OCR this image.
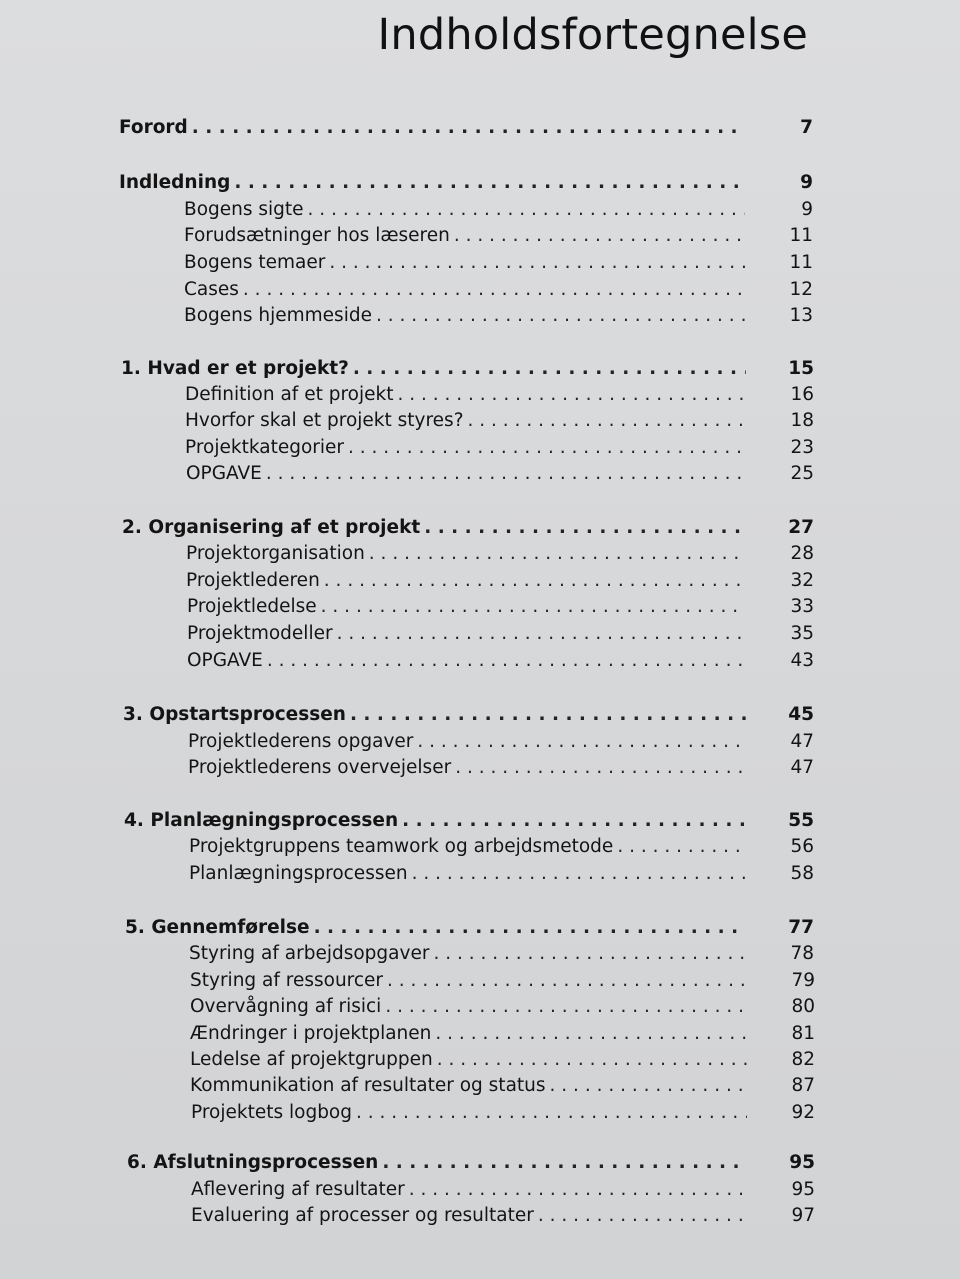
Indholdsfortegnelse
Forord . . .	7
Indledning . . .	9
Bogens sigte . . .	9
Forudsætninger hos læseren . . .	11
Bogens temaer . . .	11
Cases . . .	12
Bogens hjemmeside . . .	13
1. Hvad er et projekt? . . .	15
Definition af et projekt . . .	16
Hvorfor skal et projekt styres? . . .	18
Projektkategorier . . .	23
OPGAVE . . .	25
2. Organisering af et projekt . . .	27
Projektorganisation . . .	28
Projektlederen . . .	32
Projektledelse . . .	33
Projektmodeller . . .	35
OPGAVE . . .	43
3. Opstartsprocessen . . .	45
Projektlederens opgaver . . .	47
Projektlederens overvejelser . . .	47
4. Planlægningsprocessen . . .	55
Projektgruppens teamwork og arbejdsmetode . . .	56
Planlægningsprocessen . . .	58
5. Gennemførelse . . .	77
Styring af arbejdsopgaver . . .	78
Styring af ressourcer . . .	79
Overvågning af risici . . .	80
Ændringer i projektplanen . . .	81
Ledelse af projektgruppen . . .	82
Kommunikation af resultater og status . . .	87
Projektets logbog . . .	92
6. Afslutningsprocessen . . .	95
Aflevering af resultater . . .	95
Evaluering af processer og resultater . . .	97
